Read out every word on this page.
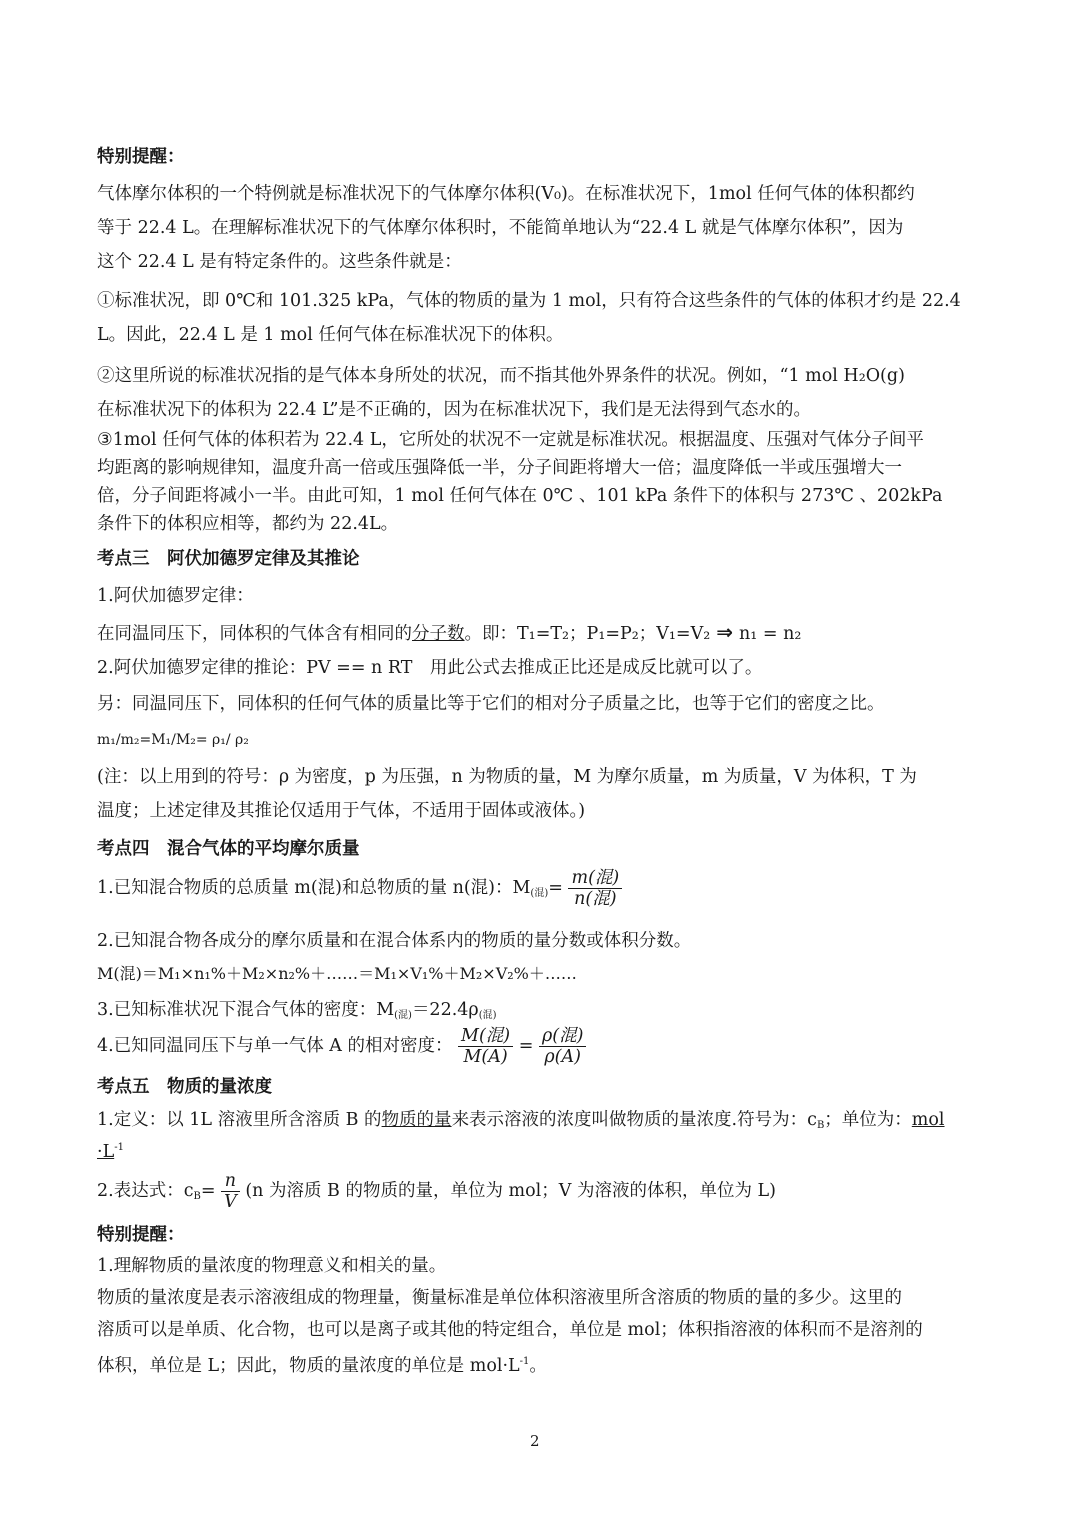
特别提醒：
气体摩尔体积的一个特例就是标准状况下的气体摩尔体积(V₀)。在标准状况下，1mol 任何气体的体积都约
等于 22.4 L。在理解标准状况下的气体摩尔体积时，不能简单地认为“22.4 L 就是气体摩尔体积”，因为
这个 22.4 L 是有特定条件的。这些条件就是：
①标准状况，即 0℃和 101.325 kPa，气体的物质的量为 1 mol，只有符合这些条件的气体的体积才约是 22.4
L。因此，22.4 L 是 1 mol 任何气体在标准状况下的体积。
②这里所说的标准状况指的是气体本身所处的状况，而不指其他外界条件的状况。例如，“1 mol H₂O(g)
在标准状况下的体积为 22.4 L”是不正确的，因为在标准状况下，我们是无法得到气态水的。
③1mol 任何气体的体积若为 22.4 L，它所处的状况不一定就是标准状况。根据温度、压强对气体分子间平
均距离的影响规律知，温度升高一倍或压强降低一半，分子间距将增大一倍；温度降低一半或压强增大一
倍，分子间距将减小一半。由此可知，1 mol 任何气体在 0℃ 、101 kPa 条件下的体积与 273℃ 、202kPa
条件下的体积应相等，都约为 22.4L。
考点三　阿伏加德罗定律及其推论
1.阿伏加德罗定律：
在同温同压下，同体积的气体含有相同的分子数。即：T₁=T₂；P₁=P₂；V₁=V₂ ⇒ n₁ = n₂
2.阿伏加德罗定律的推论：PV == n RT　用此公式去推成正比还是成反比就可以了。
另：同温同压下，同体积的任何气体的质量比等于它们的相对分子质量之比，也等于它们的密度之比。
m₁/m₂=M₁/M₂= ρ₁/ ρ₂
(注：以上用到的符号：ρ 为密度，p 为压强，n 为物质的量，M 为摩尔质量，m 为质量，V 为体积，T 为
温度；上述定律及其推论仅适用于气体，不适用于固体或液体。)
考点四　混合气体的平均摩尔质量
1.已知混合物质的总质量 m(混)和总物质的量 n(混)：$M_{(混)}= \frac{\text{m(混)}}{\text{n(混)}}$
2.已知混合物各成分的摩尔质量和在混合体系内的物质的量分数或体积分数。
M(混)＝M₁×n₁%＋M₂×n₂%＋……＝M₁×V₁%＋M₂×V₂%＋……
3.已知标准状况下混合气体的密度：$M_{(混)}=22.4\rho_{(混)}$
4.已知同温同压下与单一气体 A 的相对密度： $\frac{\text{M(混)}}{M(A)} = \frac{\text{ρ(混)}}{\rho(A)}$
考点五　物质的量浓度
1.定义：以 1L 溶液里所含溶质 B 的物质的量来表示溶液的浓度叫做物质的量浓度.符号为：$c_B$；单位为：mol
$\cdot L^{-1}$
2.表达式：$c_B= \frac{n}{V} (n$ 为溶质 B 的物质的量，单位为 mol；V 为溶液的体积，单位为 L)
特别提醒：
1.理解物质的量浓度的物理意义和相关的量。
物质的量浓度是表示溶液组成的物理量，衡量标准是单位体积溶液里所含溶质的物质的量的多少。这里的
溶质可以是单质、化合物，也可以是离子或其他的特定组合，单位是 mol；体积指溶液的体积而不是溶剂的
体积，单位是 L；因此，物质的量浓度的单位是 $mol\cdot L^{-1}$。
2
